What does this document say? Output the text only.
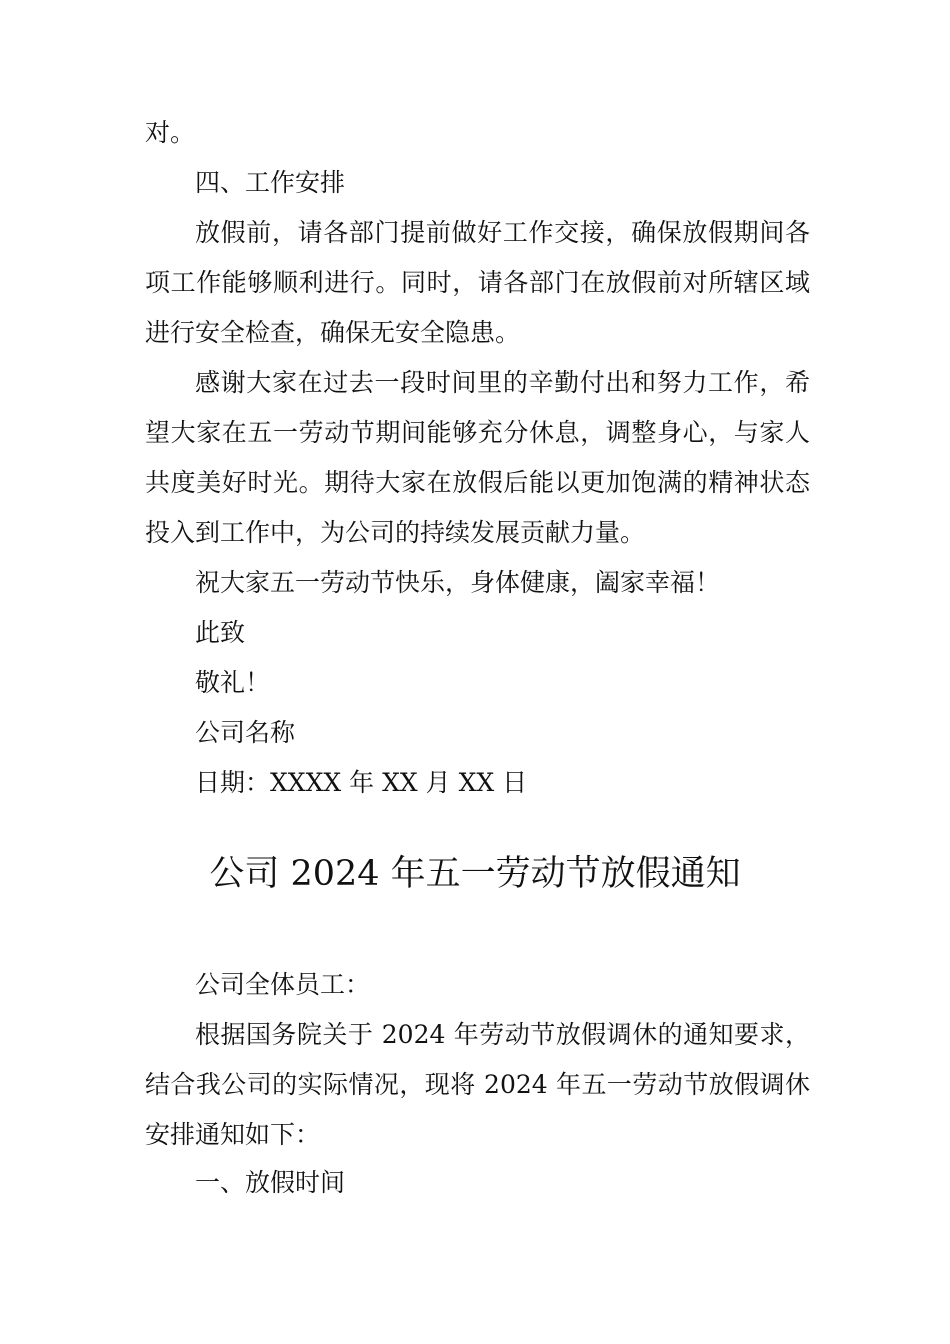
对。
四、工作安排
放假前，请各部门提前做好工作交接，确保放假期间各
项工作能够顺利进行。同时，请各部门在放假前对所辖区域
进行安全检查，确保无安全隐患。
感谢大家在过去一段时间里的辛勤付出和努力工作，希
望大家在五一劳动节期间能够充分休息，调整身心，与家人
共度美好时光。期待大家在放假后能以更加饱满的精神状态
投入到工作中，为公司的持续发展贡献力量。
祝大家五一劳动节快乐，身体健康，阖家幸福！
此致
敬礼！
公司名称
日期：XXXX 年 XX 月 XX 日
公司 2024 年五一劳动节放假通知
公司全体员工：
根据国务院关于 2024 年劳动节放假调休的通知要求，
结合我公司的实际情况，现将 2024 年五一劳动节放假调休
安排通知如下：
一、放假时间
